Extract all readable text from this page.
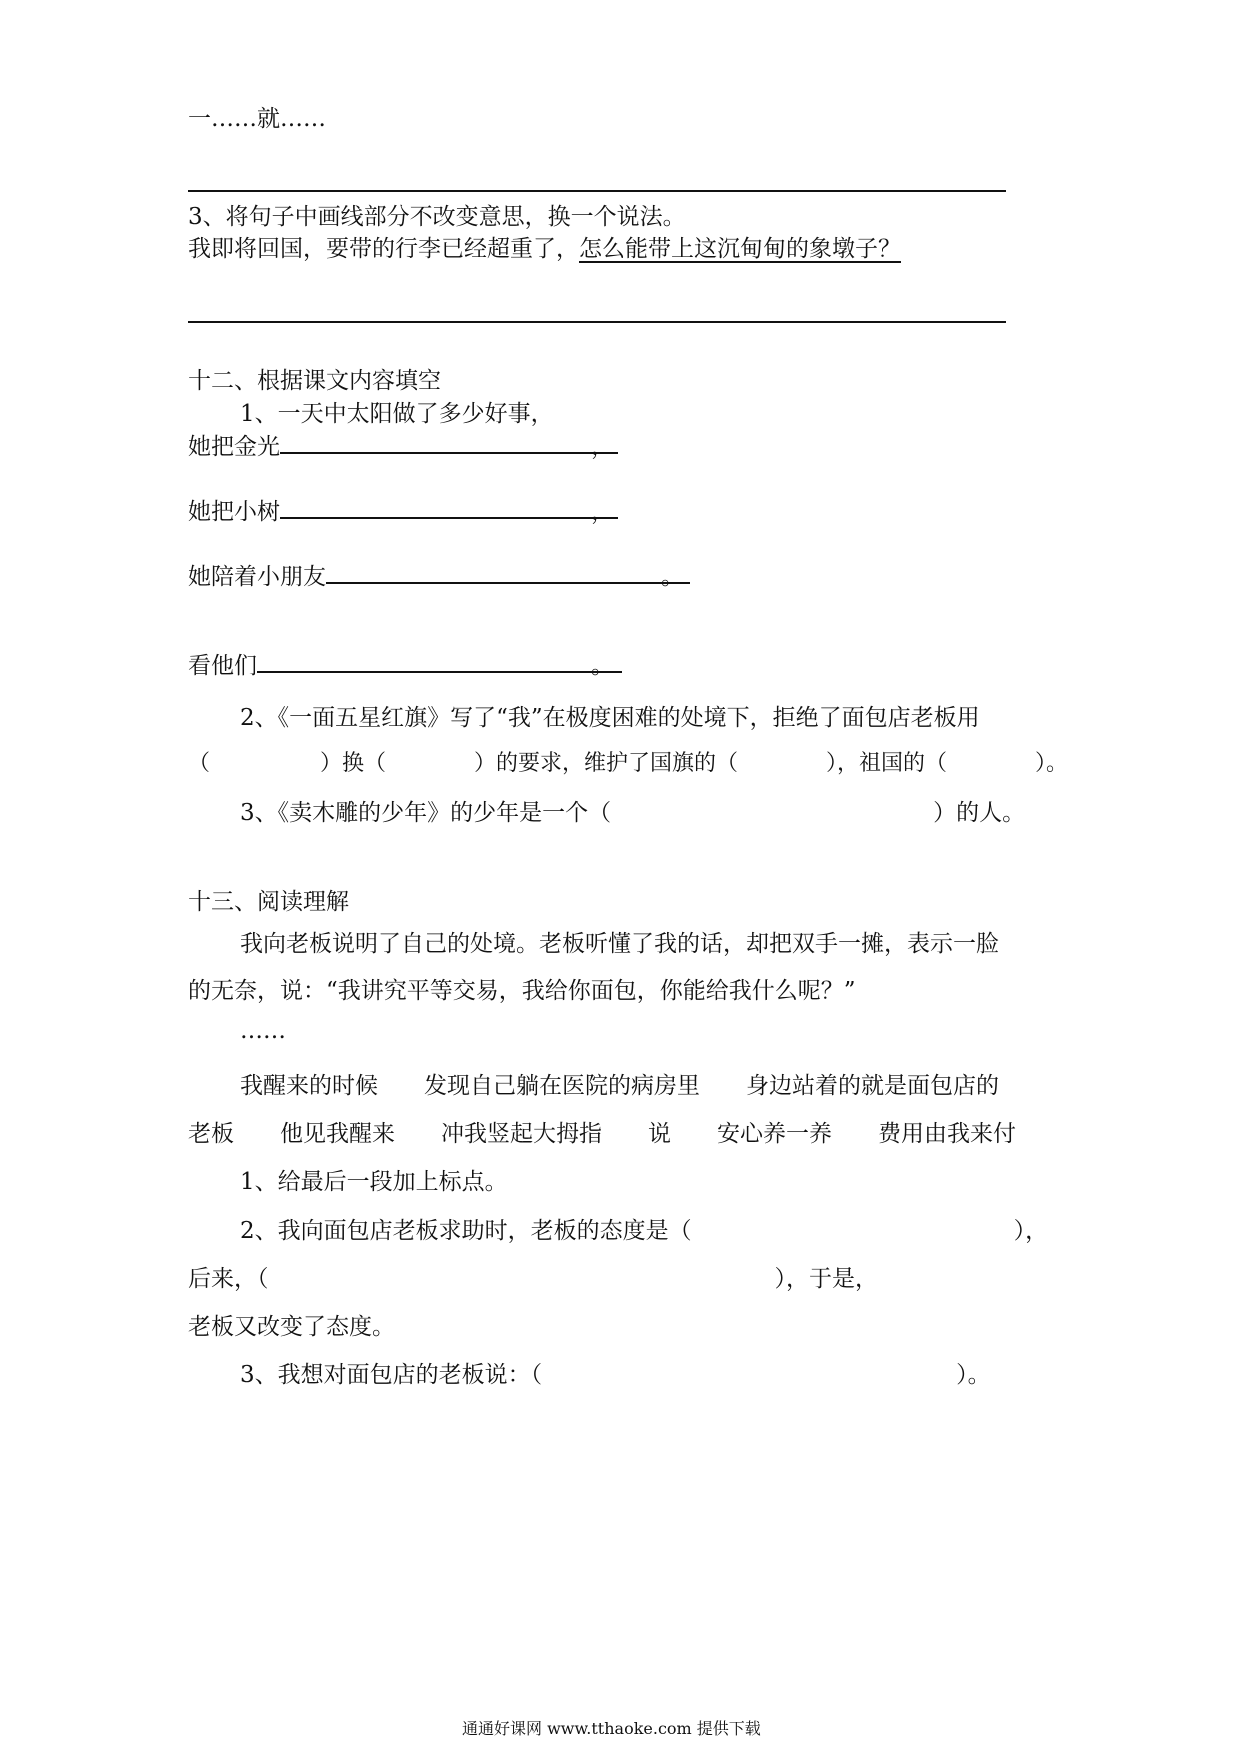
一……就……
3、将句子中画线部分不改变意思，换一个说法。
我即将回国，要带的行李已经超重了，怎么能带上这沉甸甸的象墩子？
十二、根据课文内容填空
1、一天中太阳做了多少好事，
她把金光	，
她把小树	，
她陪着小朋友	。
看他们	。
2、《一面五星红旗》写了“我”在极度困难的处境下，拒绝了面包店老板用
（　　　　　）换（　　　　）的要求，维护了国旗的（　　　　），祖国的（　　　　）。
3、《卖木雕的少年》的少年是一个（　　　　　　　　　　　　　　）的人。
十三、阅读理解
我向老板说明了自己的处境。老板听懂了我的话，却把双手一摊，表示一脸
的无奈，说：“我讲究平等交易，我给你面包，你能给我什么呢？”
……
我醒来的时候　　发现自己躺在医院的病房里　　身边站着的就是面包店的
老板　　他见我醒来　　冲我竖起大拇指　　说　　安心养一养　　费用由我来付
1、给最后一段加上标点。
2、我向面包店老板求助时，老板的态度是（　　　　　　　　　　　　　　），
后来，（　　　　　　　　　　　　　　　　　　　　　　），于是，
老板又改变了态度。
3、我想对面包店的老板说：（　　　　　　　　　　　　　　　　　　）。
通通好课网 www.tthaoke.com 提供下载
